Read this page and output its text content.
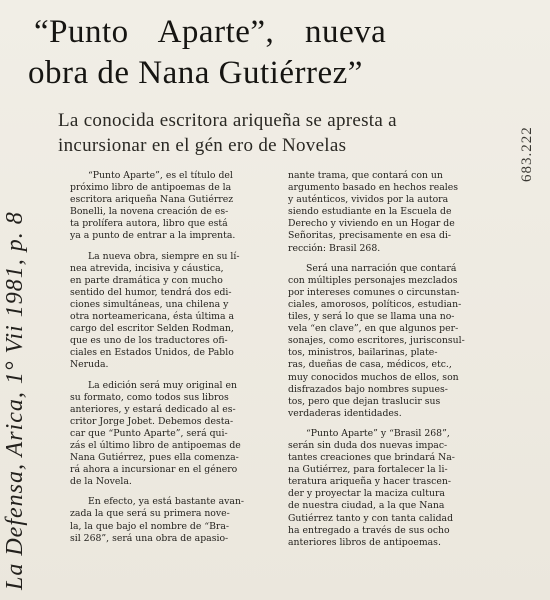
“Punto Aparte”, nueva
obra de Nana Gutiérrez”
La conocida escritora ariqueña se apresta a
incursionar en el gén ero de Novelas
La Defensa, Arica, 1° Vii 1981, p. 8
683.222
“Punto Aparte”, es el título del
próximo libro de antipoemas de la
escritora ariqueña Nana Gutiérrez
Bonelli, la novena creación de es-
ta prolífera autora, libro que está
ya a punto de entrar a la imprenta.
La nueva obra, siempre en su lí-
nea atrevida, incisiva y cáustica,
en parte dramática y con mucho
sentido del humor, tendrá dos edi-
ciones simultáneas, una chilena y
otra norteamericana, ésta última a
cargo del escritor Selden Rodman,
que es uno de los traductores ofi-
ciales en Estados Unidos, de Pablo
Neruda.
La edición será muy original en
su formato, como todos sus libros
anteriores, y estará dedicado al es-
critor Jorge Jobet. Debemos desta-
car que “Punto Aparte”, será qui-
zás el último libro de antipoemas de
Nana Gutiérrez, pues ella comenza-
rá ahora a incursionar en el género
de la Novela.
En efecto, ya está bastante avan-
zada la que será su primera nove-
la, la que bajo el nombre de “Bra-
sil 268”, será una obra de apasio-
nante trama, que contará con un
argumento basado en hechos reales
y auténticos, vividos por la autora
siendo estudiante en la Escuela de
Derecho y viviendo en un Hogar de
Señoritas, precisamente en esa di-
rección: Brasil 268.
Será una narración que contará
con múltiples personajes mezclados
por intereses comunes o circunstan-
ciales, amorosos, políticos, estudian-
tiles, y será lo que se llama una no-
vela “en clave”, en que algunos per-
sonajes, como escritores, jurisconsul-
tos, ministros, bailarinas, plate-
ras, dueñas de casa, médicos, etc.,
muy conocidos muchos de ellos, son
disfrazados bajo nombres supues-
tos, pero que dejan traslucir sus
verdaderas identidades.
“Punto Aparte” y “Brasil 268”,
serán sin duda dos nuevas impac-
tantes creaciones que brindará Na-
na Gutiérrez, para fortalecer la li-
teratura ariqueña y hacer trascen-
der y proyectar la maciza cultura
de nuestra ciudad, a la que Nana
Gutiérrez tanto y con tanta calidad
ha entregado a través de sus ocho
anteriores libros de antipoemas.
